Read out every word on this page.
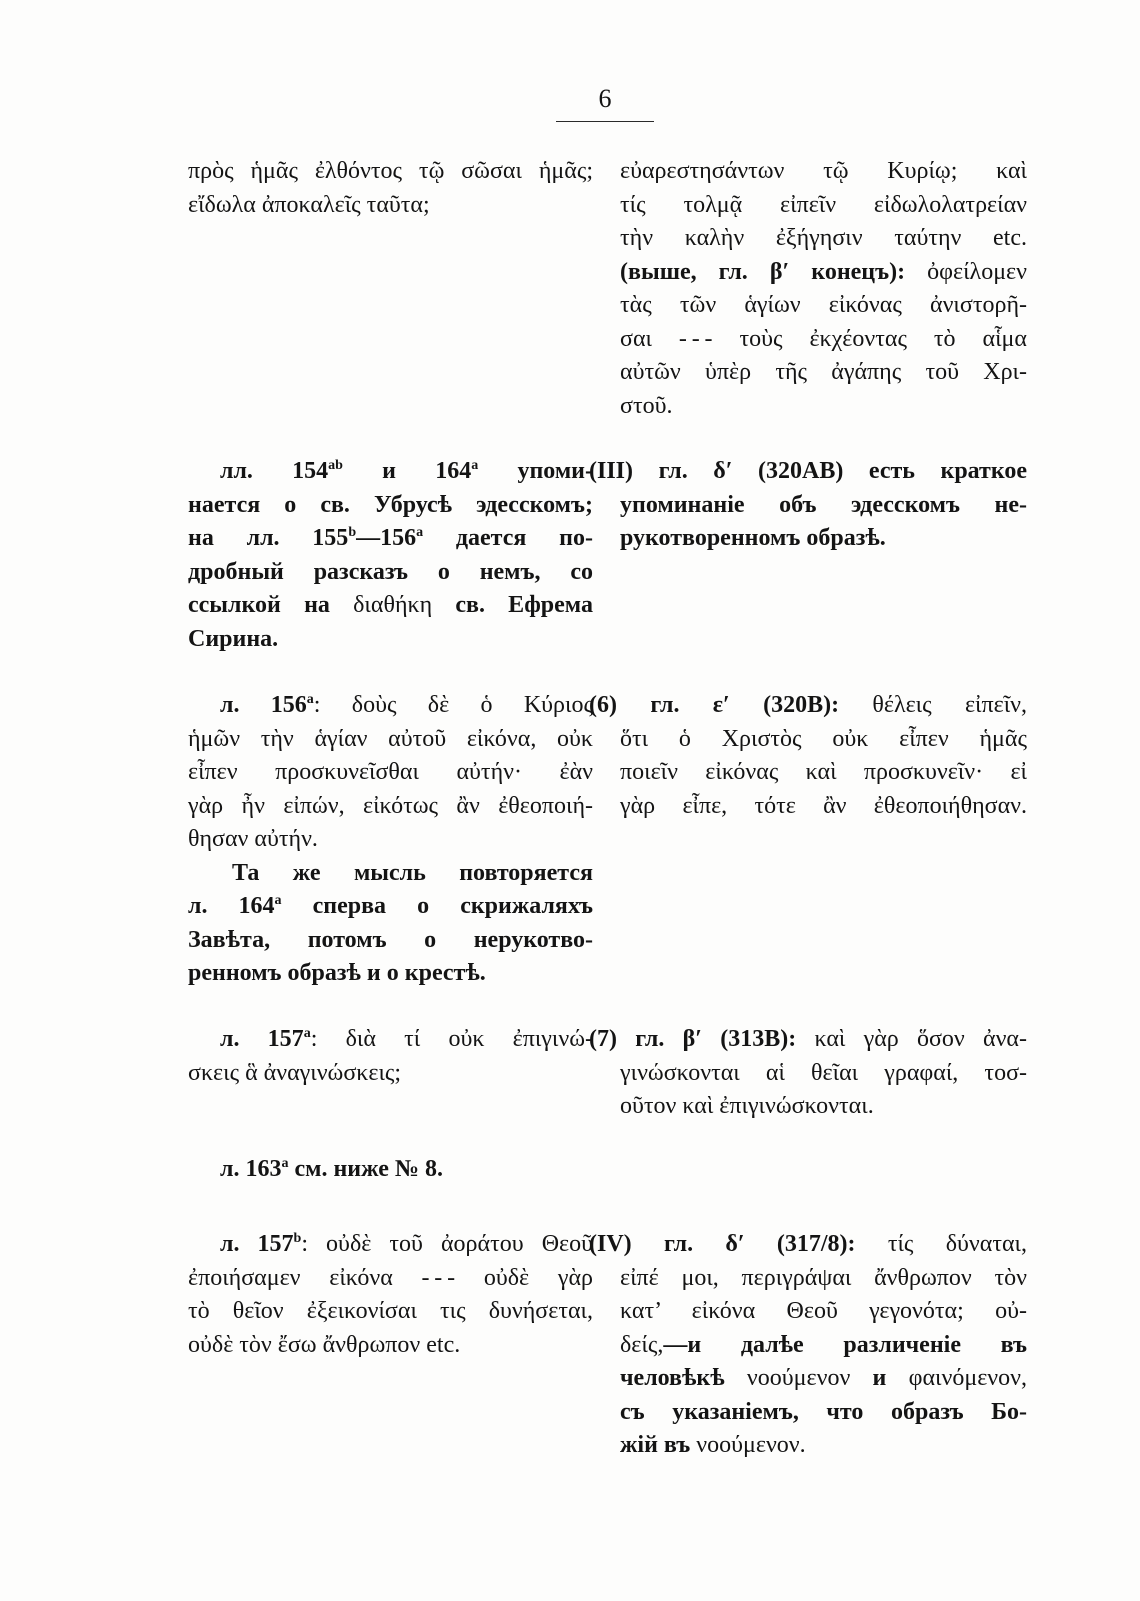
6
πρὸς ἡμᾶς ἐλθόντος τῷ σῶσαι ἡμᾶς;
εἴδωλα ἀποκαλεῖς ταῦτα;
εὐαρεστησάντων τῷ Κυρίῳ; καὶ
τίς τολμᾷ εἰπεῖν εἰδωλολατρείαν
τὴν καλὴν ἐξήγησιν ταύτην etc.
(выше, гл. β′ конецъ): ὀφείλομεν
τὰς τῶν ἁγίων εἰκόνας ἀνιστορῆ-
σαι - - - τοὺς ἐκχέοντας τὸ αἷμα
αὐτῶν ὑπὲρ τῆς ἀγάπης τοῦ Χρι-
στοῦ.
лл. $154^{ab}$ и 164$^a$ упоми-
нается о св. Убрусѣ эдесскомъ;
на лл. 155$^b$—156$^a$ дается по-
дробный разсказъ о немъ, со
ссылкой на διαθήκη св. Ефрема
Сирина.
(III) гл. δ′ (320AB) есть краткое
упоминаніе объ эдесскомъ не-
рукотворенномъ образѣ.
л. 156$^a$: δοὺς δὲ ὁ Κύριος
ἡμῶν τὴν ἁγίαν αὐτοῦ εἰκόνα, οὐκ
εἶπεν προσκυνεῖσθαι αὐτήν· ἐὰν
γὰρ ἦν εἰπών, εἰκότως ἂν ἐθεοποιή-
θησαν αὐτήν.
Та же мысль повторяется
л. 164$^a$ сперва о скрижаляхъ
Завѣта, потомъ о нерукотво-
ренномъ образѣ и о крестѣ.
(6) гл. ε′ (320B): θέλεις εἰπεῖν,
ὅτι ὁ Χριστὸς οὐκ εἶπεν ἡμᾶς
ποιεῖν εἰκόνας καὶ προσκυνεῖν· εἰ
γὰρ εἶπε, τότε ἂν ἐθεοποιήθησαν.
л. 157$^a$: διὰ τί οὐκ ἐπιγινώ-
σκεις ἃ ἀναγινώσκεις;
(7) гл. β′ (313B): καὶ γὰρ ὅσον ἀνα-
γινώσκονται αἱ θεῖαι γραφαί, τοσ-
οῦτον καὶ ἐπιγινώσκονται.
л. 163$^a$ см. ниже № 8.
л. 157$^b$: οὐδὲ τοῦ ἀοράτου Θεοῦ
ἐποιήσαμεν εἰκόνα - - - οὐδὲ γὰρ
τὸ θεῖον ἐξεικονίσαι τις δυνήσεται,
οὐδὲ τὸν ἔσω ἄνθρωπον etc.
(IV) гл. δ′ (317/8): τίς δύναται,
εἰπέ μοι, περιγράψαι ἄνθρωπον τὸν
κατ’ εἰκόνα Θεοῦ γεγονότα; οὐ-
δείς,—и далѣе различеніе въ
человѣкѣ νοούμενον и φαινόμενον,
съ указаніемъ, что образъ Бо-
жій въ νοούμενον.
